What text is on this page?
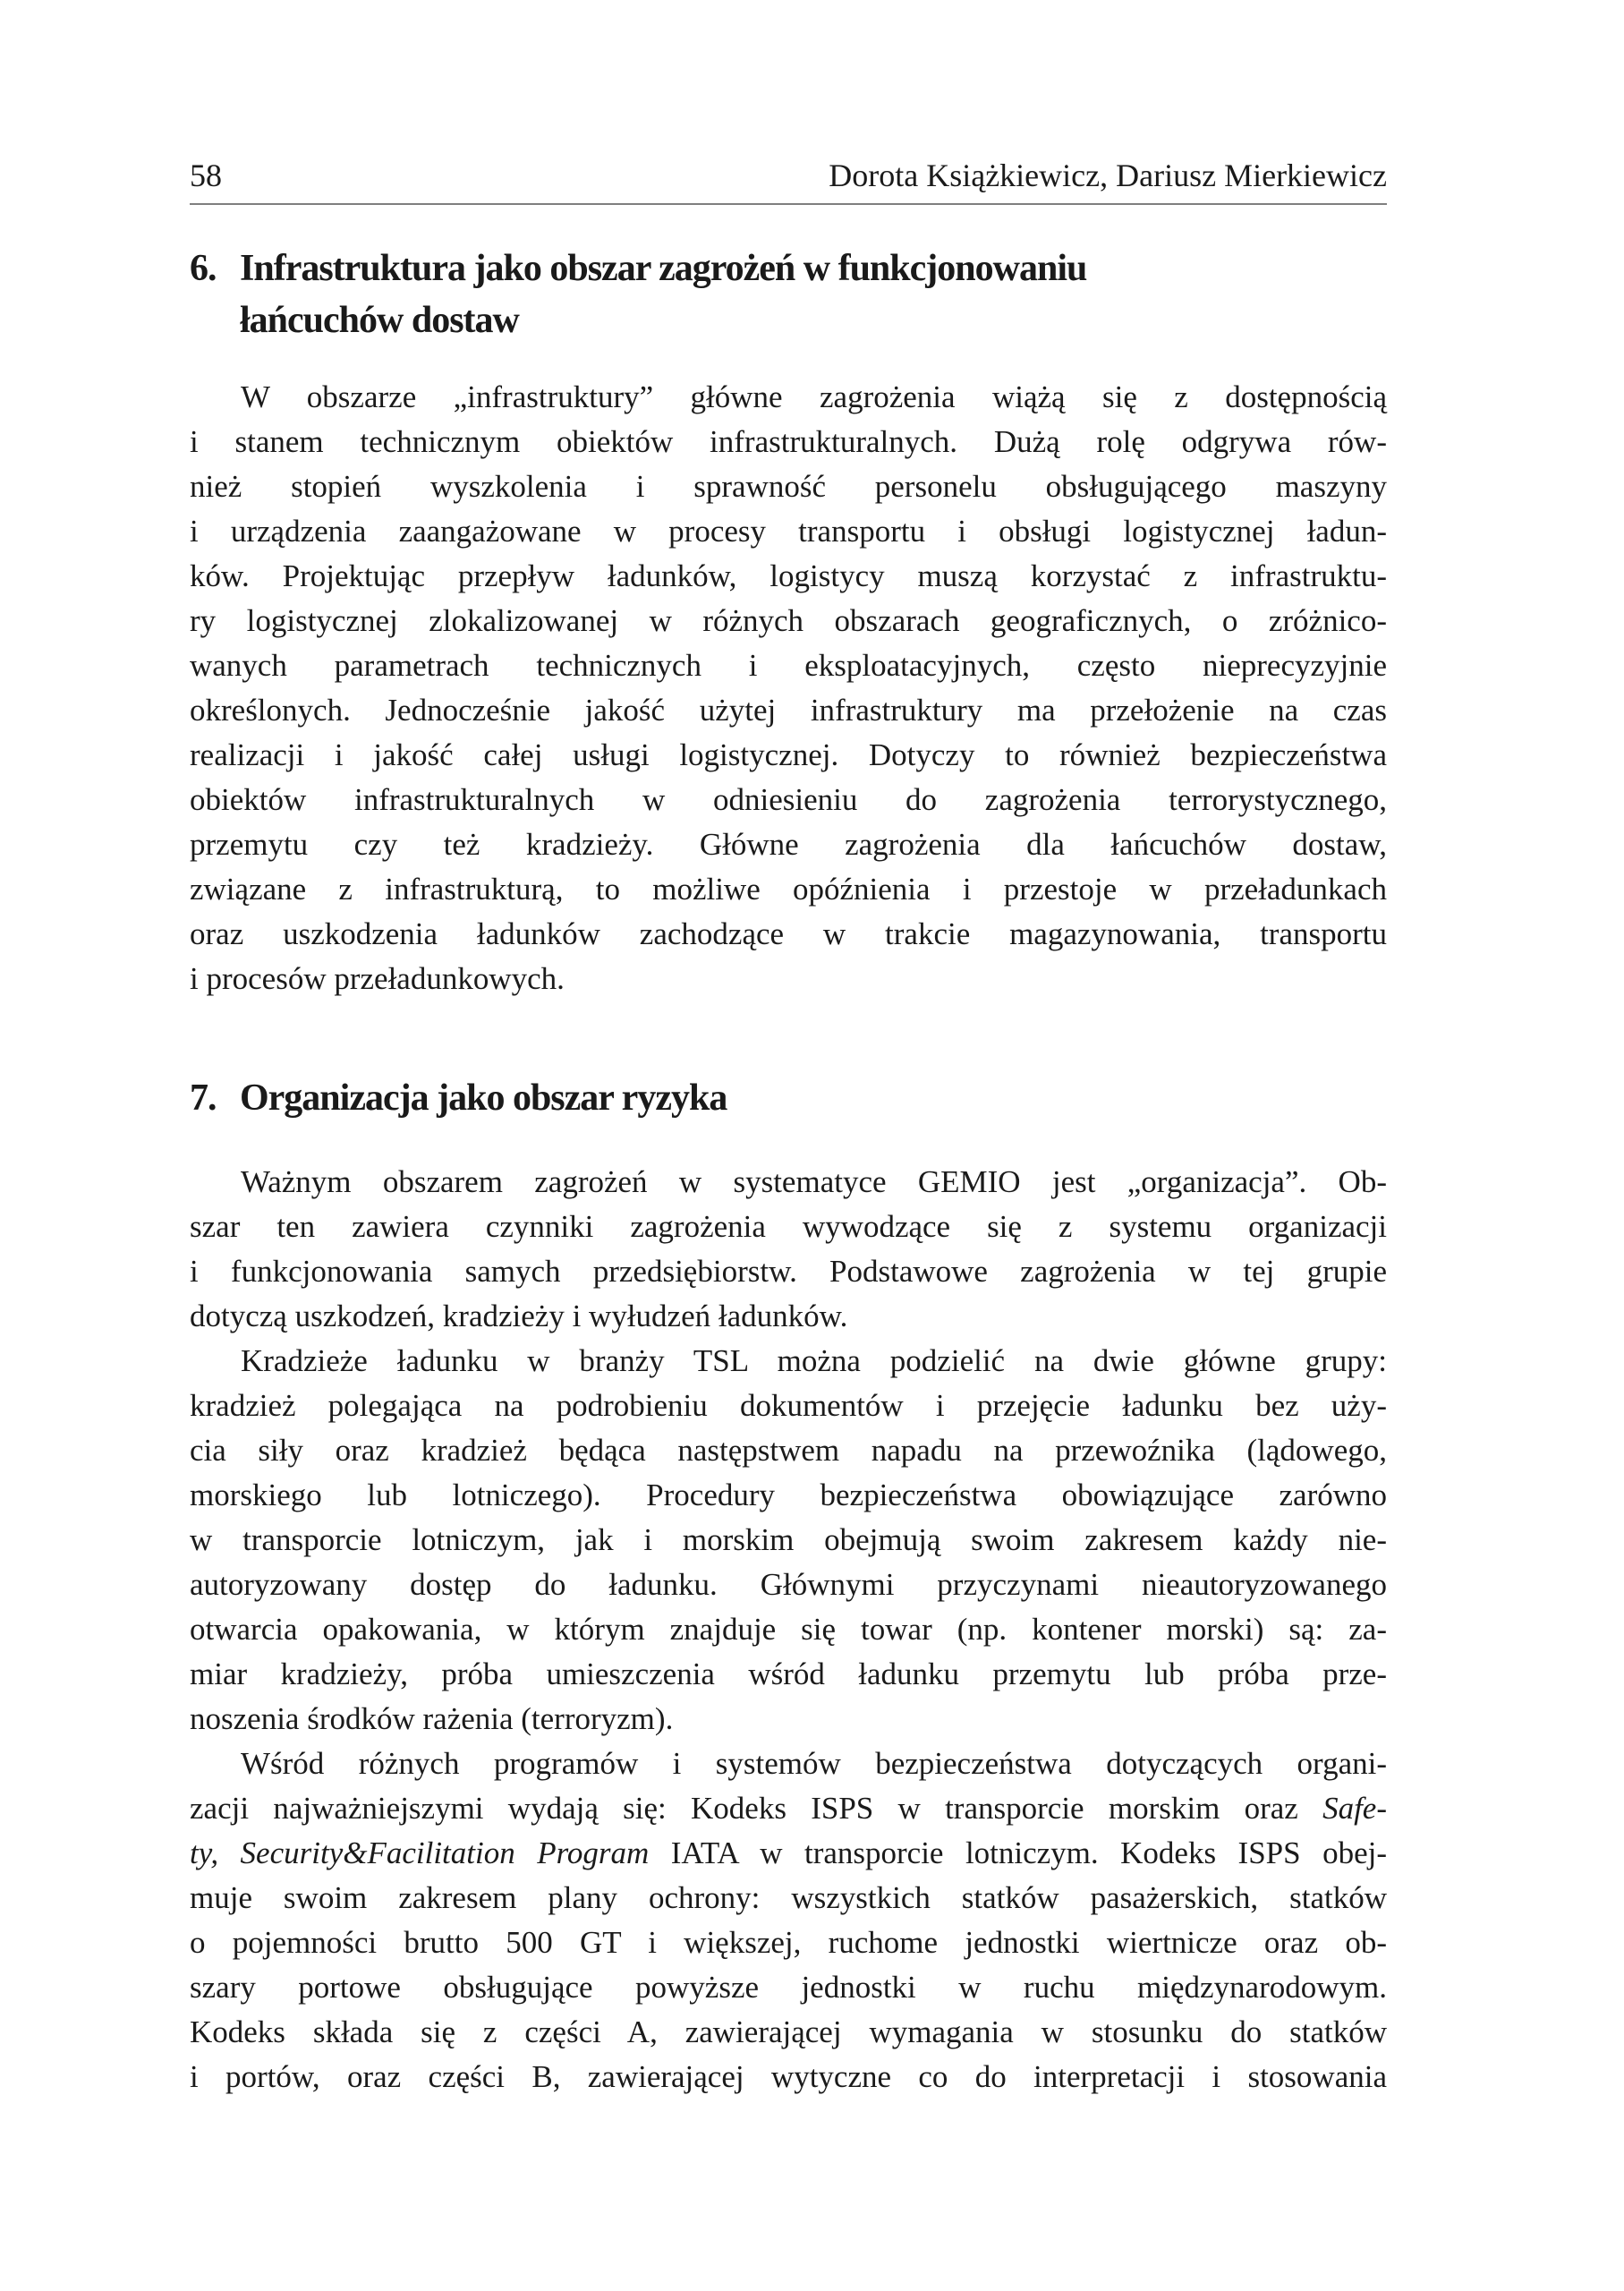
58	Dorota Książkiewicz, Dariusz Mierkiewicz
6. Infrastruktura jako obszar zagrożeń w funkcjonowaniu
łańcuchów dostaw
W obszarze „infrastruktury” główne zagrożenia wiążą się z dostępnością
i stanem technicznym obiektów infrastrukturalnych. Dużą rolę odgrywa rów-
nież stopień wyszkolenia i sprawność personelu obsługującego maszyny
i urządzenia zaangażowane w procesy transportu i obsługi logistycznej ładun-
ków. Projektując przepływ ładunków, logistycy muszą korzystać z infrastruktu-
ry logistycznej zlokalizowanej w różnych obszarach geograficznych, o zróżnico-
wanych parametrach technicznych i eksploatacyjnych, często nieprecyzyjnie
określonych. Jednocześnie jakość użytej infrastruktury ma przełożenie na czas
realizacji i jakość całej usługi logistycznej. Dotyczy to również bezpieczeństwa
obiektów infrastrukturalnych w odniesieniu do zagrożenia terrorystycznego,
przemytu czy też kradzieży. Główne zagrożenia dla łańcuchów dostaw,
związane z infrastrukturą, to możliwe opóźnienia i przestoje w przeładunkach
oraz uszkodzenia ładunków zachodzące w trakcie magazynowania, transportu
i procesów przeładunkowych.
7. Organizacja jako obszar ryzyka
Ważnym obszarem zagrożeń w systematyce GEMIO jest „organizacja”. Ob-
szar ten zawiera czynniki zagrożenia wywodzące się z systemu organizacji
i funkcjonowania samych przedsiębiorstw. Podstawowe zagrożenia w tej grupie
dotyczą uszkodzeń, kradzieży i wyłudzeń ładunków.
Kradzieże ładunku w branży TSL można podzielić na dwie główne grupy:
kradzież polegająca na podrobieniu dokumentów i przejęcie ładunku bez uży-
cia siły oraz kradzież będąca następstwem napadu na przewoźnika (lądowego,
morskiego lub lotniczego). Procedury bezpieczeństwa obowiązujące zarówno
w transporcie lotniczym, jak i morskim obejmują swoim zakresem każdy nie-
autoryzowany dostęp do ładunku. Głównymi przyczynami nieautoryzowanego
otwarcia opakowania, w którym znajduje się towar (np. kontener morski) są: za-
miar kradzieży, próba umieszczenia wśród ładunku przemytu lub próba prze-
noszenia środków rażenia (terroryzm).
Wśród różnych programów i systemów bezpieczeństwa dotyczących organi-
zacji najważniejszymi wydają się: Kodeks ISPS w transporcie morskim oraz Safe-
ty, Security&Facilitation Program IATA w transporcie lotniczym. Kodeks ISPS obej-
muje swoim zakresem plany ochrony: wszystkich statków pasażerskich, statków
o pojemności brutto 500 GT i większej, ruchome jednostki wiertnicze oraz ob-
szary portowe obsługujące powyższe jednostki w ruchu międzynarodowym.
Kodeks składa się z części A, zawierającej wymagania w stosunku do statków
i portów, oraz części B, zawierającej wytyczne co do interpretacji i stosowania
